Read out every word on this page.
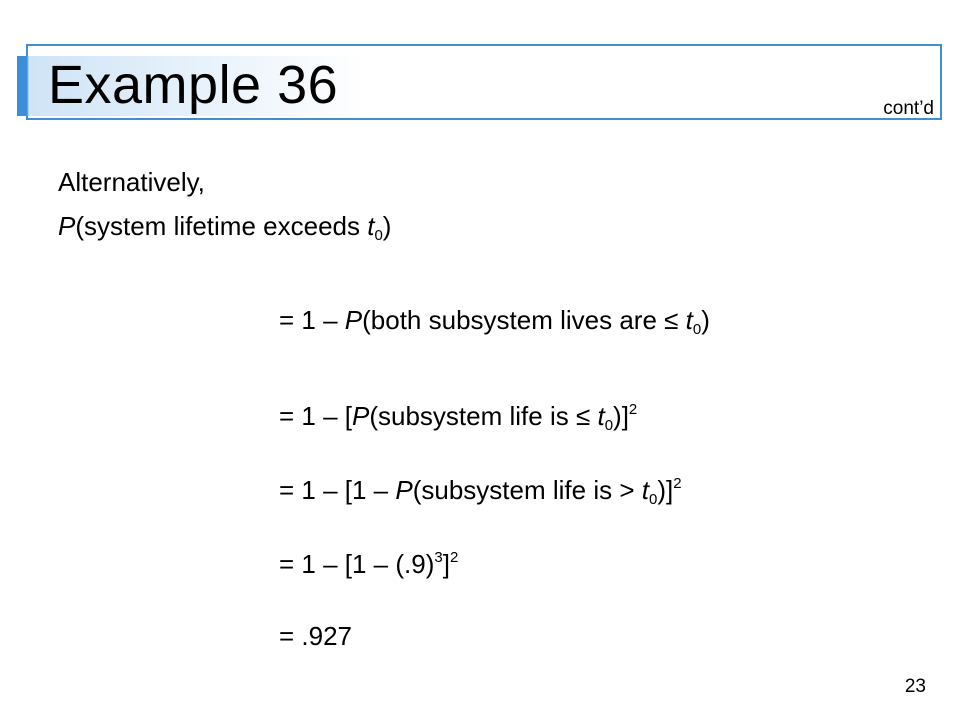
Example 36	cont’d
Alternatively,
P(system lifetime exceeds $t_0$)
= 1 – P(both subsystem lives are ≤ $t_0$)
= 1 – [P(subsystem life is ≤ $t_0)]^2$
= 1 – [1 – P(subsystem life is > $t_0)]^2$
= $1 - [1 - (.9)^3]^2$
= .927
23
